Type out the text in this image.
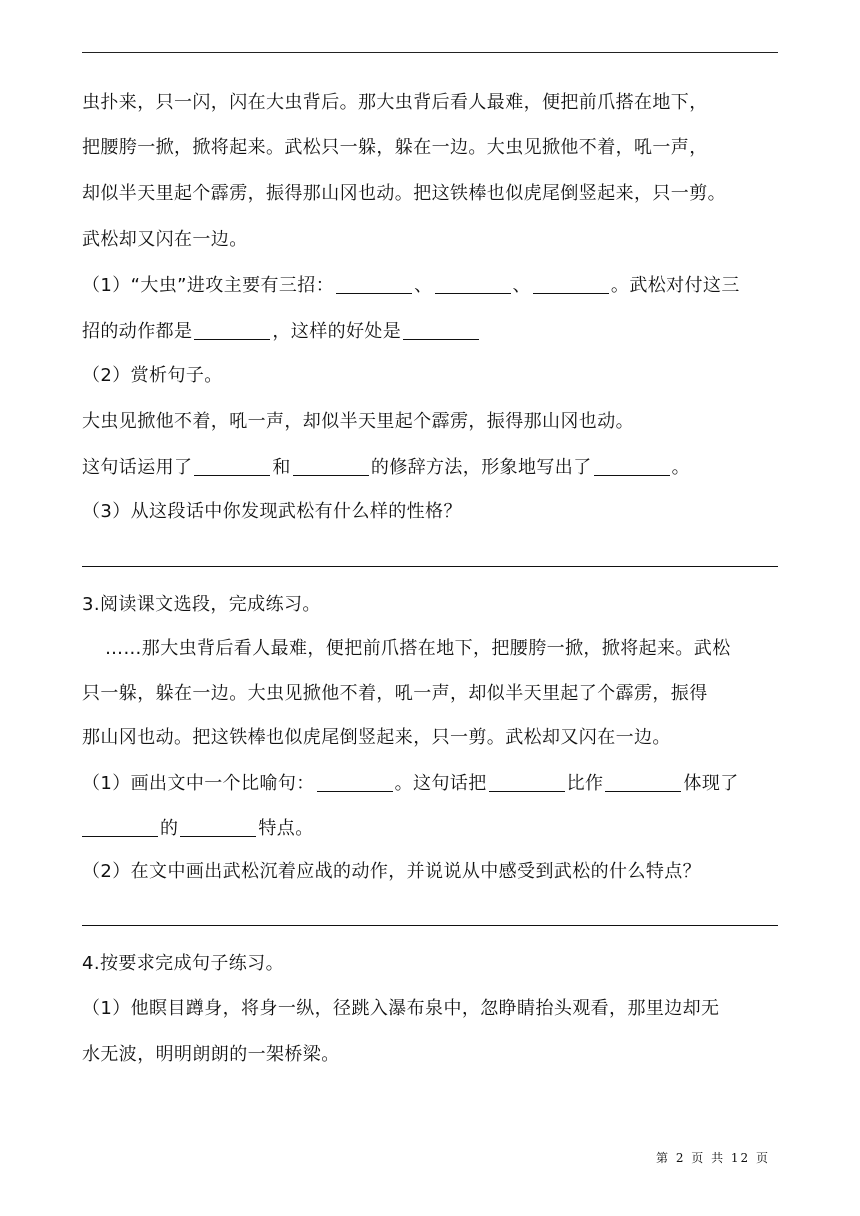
虫扑来，只一闪，闪在大虫背后。那大虫背后看人最难，便把前爪搭在地下，
把腰胯一掀，掀将起来。武松只一躲，躲在一边。大虫见掀他不着，吼一声，
却似半天里起个霹雳，振得那山冈也动。把这铁棒也似虎尾倒竖起来，只一剪。
武松却又闪在一边。
（1）“大虫”进攻主要有三招：	、	、	。武松对付这三
招的动作都是	，这样的好处是
（2）赏析句子。
大虫见掀他不着，吼一声，却似半天里起个霹雳，振得那山冈也动。
这句话运用了	和	的修辞方法，形象地写出了	。
（3）从这段话中你发现武松有什么样的性格？
3.阅读课文选段，完成练习。
……那大虫背后看人最难，便把前爪搭在地下，把腰胯一掀，掀将起来。武松
只一躲，躲在一边。大虫见掀他不着，吼一声，却似半天里起了个霹雳，振得
那山冈也动。把这铁棒也似虎尾倒竖起来，只一剪。武松却又闪在一边。
（1）画出文中一个比喻句：	。这句话把	比作	体现了
的	特点。
（2）在文中画出武松沉着应战的动作，并说说从中感受到武松的什么特点？
4.按要求完成句子练习。
（1）他瞑目蹲身，将身一纵，径跳入瀑布泉中，忽睁睛抬头观看，那里边却无
水无波，明明朗朗的一架桥梁。
第 2 页 共 12 页
